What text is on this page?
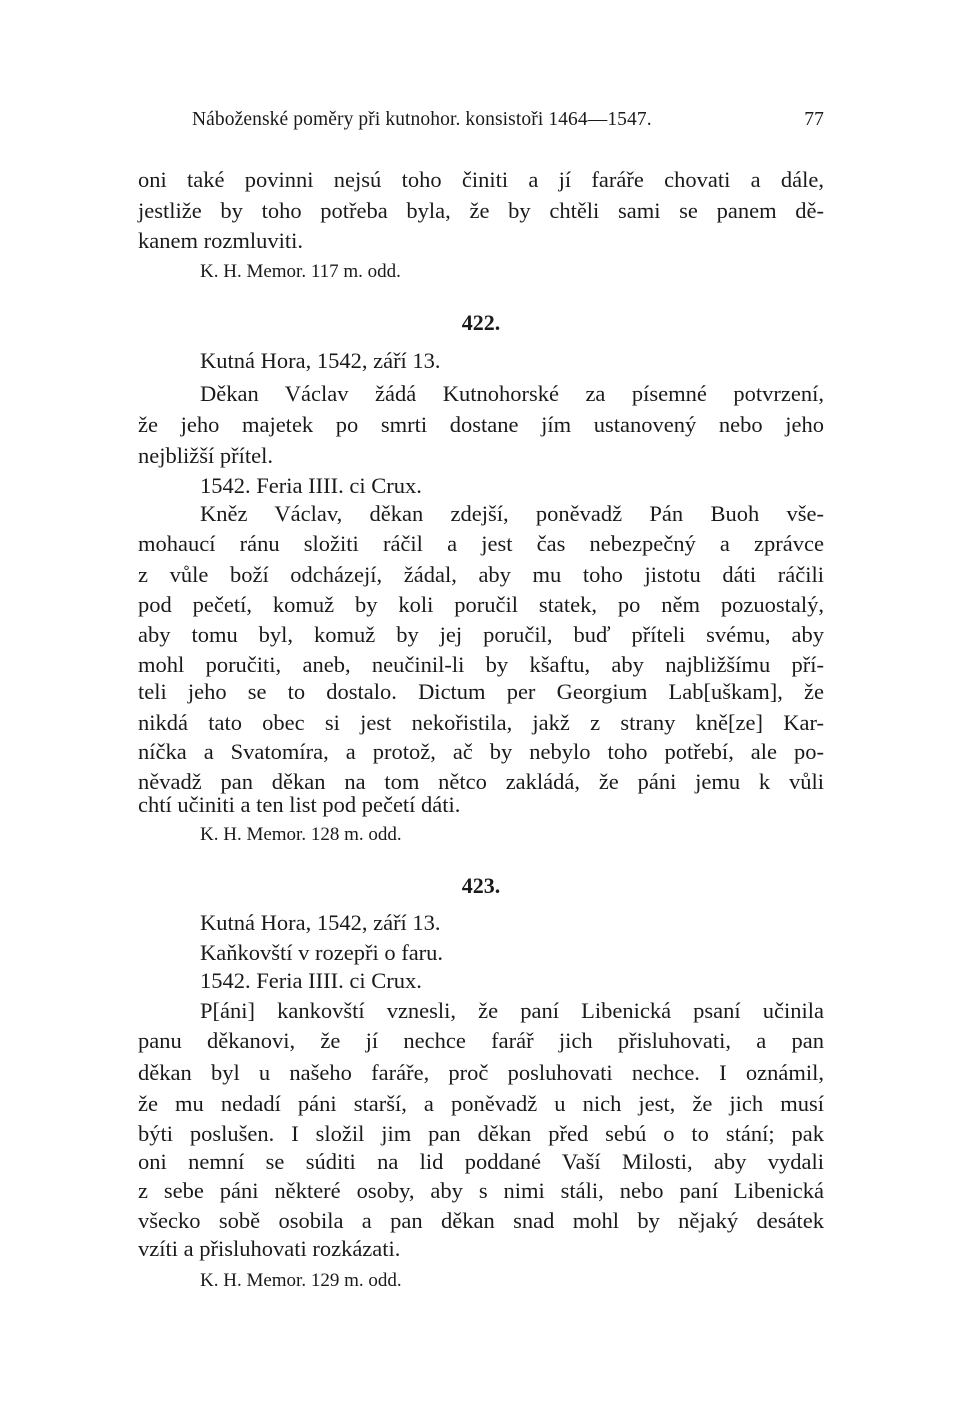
Náboženské poměry při kutnohor. konsistoři 1464—1547.	77
oni také povinni nejsú toho činiti a jí faráře chovati a dále,
jestliže by toho potřeba byla, že by chtěli sami se panem dě-
kanem rozmluviti.
K. H. Memor. 117 m. odd.
422.
Kutná Hora, 1542, září 13.
Děkan Václav žádá Kutnohorské za písemné potvrzení,
že jeho majetek po smrti dostane jím ustanovený nebo jeho
nejbližší přítel.
1542. Feria IIII. ci Crux.
Kněz Václav, děkan zdejší, poněvadž Pán Buoh vše-
mohaucí ránu složiti ráčil a jest čas nebezpečný a zprávce
z vůle boží odcházejí, žádal, aby mu toho jistotu dáti ráčili
pod pečetí, komuž by koli poručil statek, po něm pozuostalý,
aby tomu byl, komuž by jej poručil, buď příteli svému, aby
mohl poručiti, aneb, neučinil-li by kšaftu, aby najbližšímu pří-
teli jeho se to dostalo. Dictum per Georgium Lab[uškam], že
nikdá tato obec si jest nekořistila, jakž z strany kně[ze] Kar-
níčka a Svatomíra, a protož, ač by nebylo toho potřebí, ale po-
něvadž pan děkan na tom nětco zakládá, že páni jemu k vůli
chtí učiniti a ten list pod pečetí dáti.
K. H. Memor. 128 m. odd.
423.
Kutná Hora, 1542, září 13.
Kaňkovští v rozepři o faru.
1542. Feria IIII. ci Crux.
P[áni] kankovští vznesli, že paní Libenická psaní učinila
panu děkanovi, že jí nechce farář jich přisluhovati, a pan
děkan byl u našeho faráře, proč posluhovati nechce. I oznámil,
že mu nedadí páni starší, a poněvadž u nich jest, že jich musí
býti poslušen. I složil jim pan děkan před sebú o to stání; pak
oni nemní se súditi na lid poddané Vaší Milosti, aby vydali
z sebe páni některé osoby, aby s nimi stáli, nebo paní Libenická
všecko sobě osobila a pan děkan snad mohl by nějaký desátek
vzíti a přisluhovati rozkázati.
K. H. Memor. 129 m. odd.
